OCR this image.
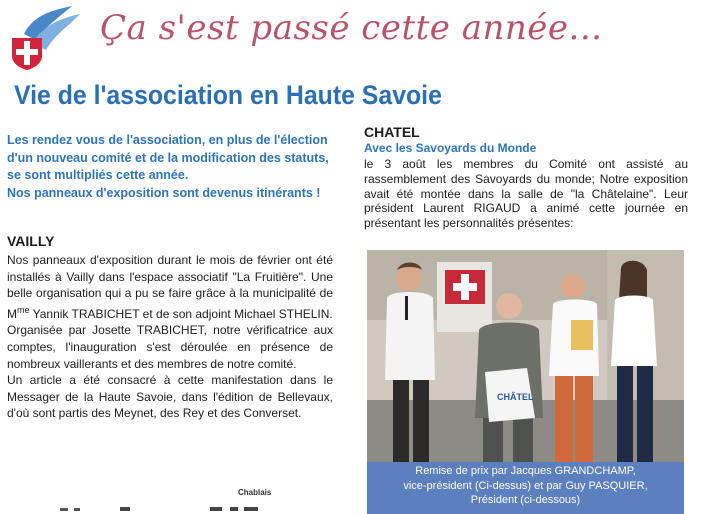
Ça s'est passé cette année...
Vie de l'association en Haute Savoie

Les rendez vous de l'association, en plus de l'élection d'un nouveau comité et de la modification des statuts, se sont multipliés cette année.

Nos panneaux d'exposition sont devenus itinérants !

VAILLY

Nos panneaux d'exposition durant le mois de février ont été installés à Vailly dans l'espace associatif "La Fruitière". Une belle organisation qui a pu se faire grâce à la municipalité de $M^{me}$ Yannik TRABICHET et de son adjoint Michael STHELIN.

Organisée par Josette TRABICHET, notre vérificatrice aux comptes, l'inauguration s'est déroulée en présence de nombreux vaillerants et des membres de notre comité.

Un article a été consacré à cette manifestation dans le Messager de la Haute Savoie, dans l'édition de Bellevaux, d'où sont partis des Meynet, des Rey et des Converset.

Chablais
CHATEL
Avec les Savoyards du Monde
le 3 août les membres du Comité ont assisté au rassemblement des Savoyards du monde; Notre exposition avait été montée dans la salle de "la Châtelaine". Leur président Laurent RIGAUD a animé cette journée en présentant les personnalités présentes:
CHÂTEL
Remise de prix par Jacques GRANDCHAMP,
vice-président (Ci-dessus) et par Guy PASQUIER,
Président (ci-dessous)
